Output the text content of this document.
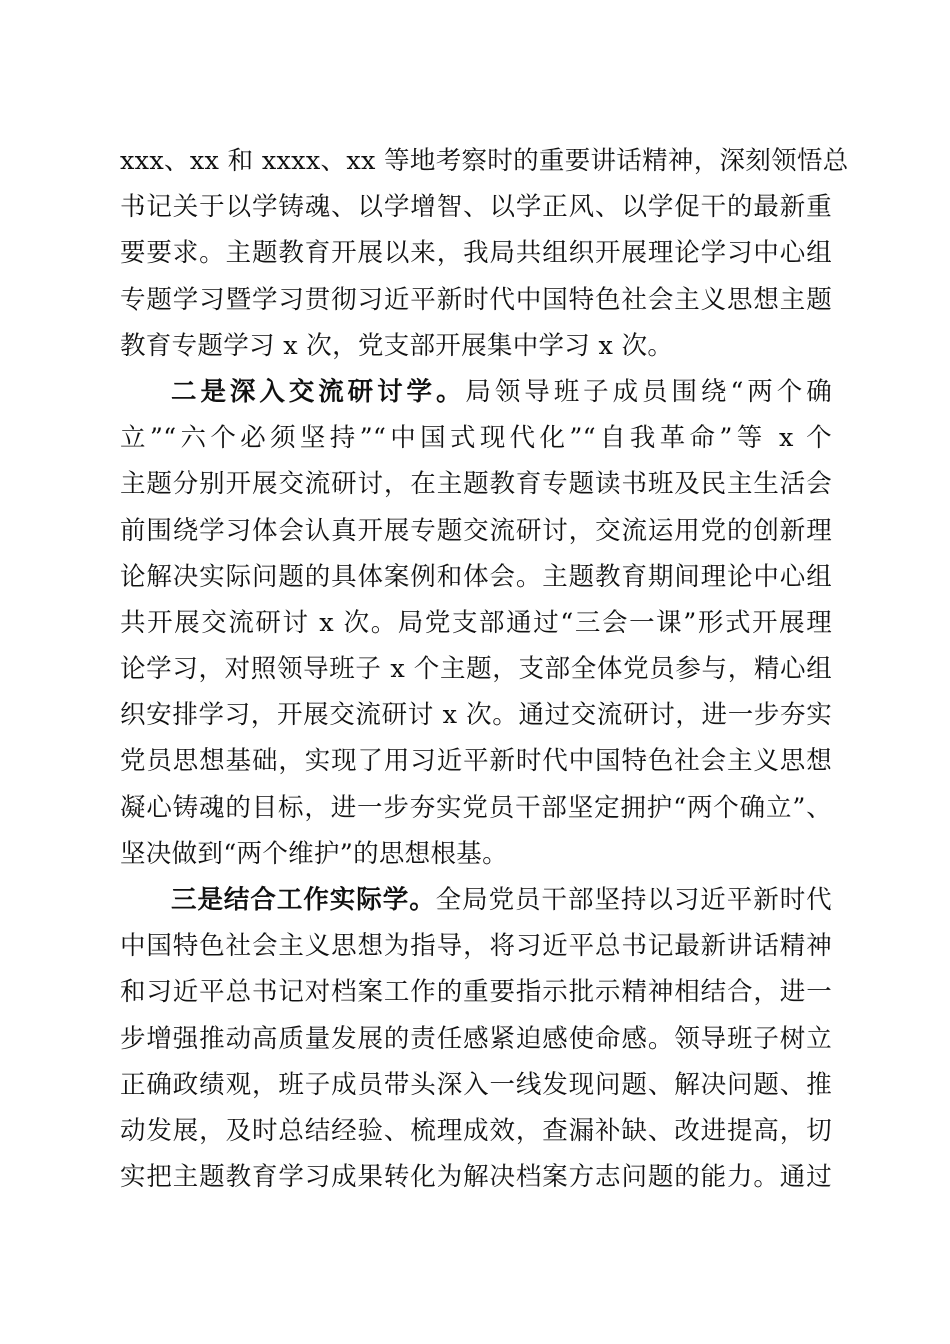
xxx、xx 和 xxxx、xx 等地考察时的重要讲话精神，深刻领悟总
书记关于以学铸魂、以学增智、以学正风、以学促干的最新重
要要求。主题教育开展以来，我局共组织开展理论学习中心组
专题学习暨学习贯彻习近平新时代中国特色社会主义思想主题
教育专题学习 x 次，党支部开展集中学习 x 次。
二是深入交流研讨学。局领导班子成员围绕“两个确
立”“六个必须坚持”“中国式现代化”“自我革命”等 x 个
主题分别开展交流研讨，在主题教育专题读书班及民主生活会
前围绕学习体会认真开展专题交流研讨，交流运用党的创新理
论解决实际问题的具体案例和体会。主题教育期间理论中心组
共开展交流研讨 x 次。局党支部通过“三会一课”形式开展理
论学习，对照领导班子 x 个主题，支部全体党员参与，精心组
织安排学习，开展交流研讨 x 次。通过交流研讨，进一步夯实
党员思想基础，实现了用习近平新时代中国特色社会主义思想
凝心铸魂的目标，进一步夯实党员干部坚定拥护“两个确立”、
坚决做到“两个维护”的思想根基。
三是结合工作实际学。全局党员干部坚持以习近平新时代
中国特色社会主义思想为指导，将习近平总书记最新讲话精神
和习近平总书记对档案工作的重要指示批示精神相结合，进一
步增强推动高质量发展的责任感紧迫感使命感。领导班子树立
正确政绩观，班子成员带头深入一线发现问题、解决问题、推
动发展，及时总结经验、梳理成效，查漏补缺、改进提高，切
实把主题教育学习成果转化为解决档案方志问题的能力。通过
